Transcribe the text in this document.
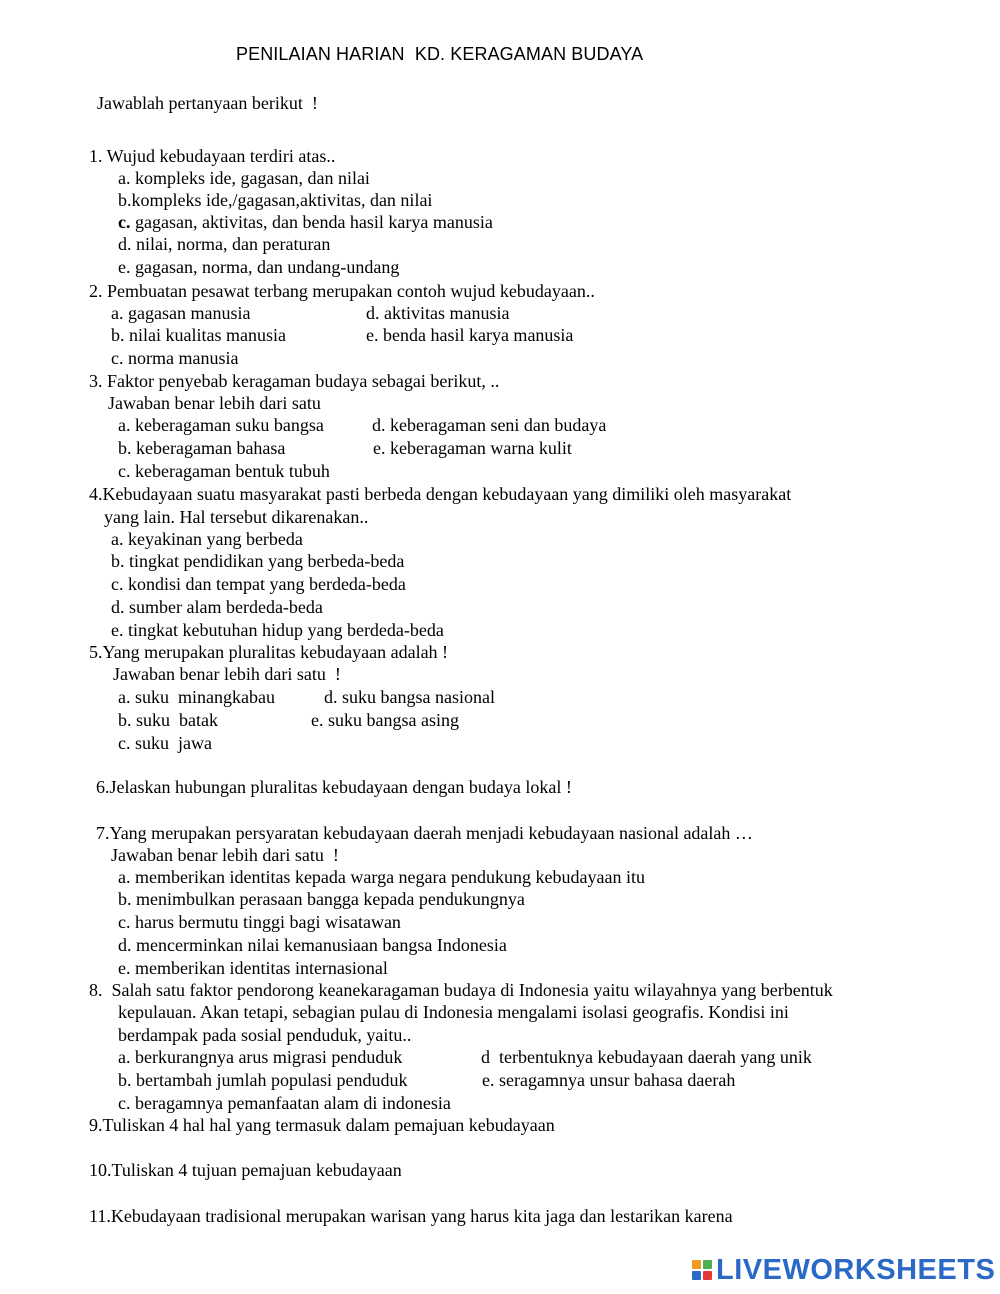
PENILAIAN HARIAN  KD. KERAGAMAN BUDAYA
Jawablah pertanyaan berikut  !
1. Wujud kebudayaan terdiri atas..
a. kompleks ide, gagasan, dan nilai
b.kompleks ide,/gagasan,aktivitas, dan nilai
c. gagasan, aktivitas, dan benda hasil karya manusia
d. nilai, norma, dan peraturan
e. gagasan, norma, dan undang-undang
2. Pembuatan pesawat terbang merupakan contoh wujud kebudayaan..
a. gagasan manusia	d. aktivitas manusia
b. nilai kualitas manusia	e. benda hasil karya manusia
c. norma manusia
3. Faktor penyebab keragaman budaya sebagai berikut, ..
Jawaban benar lebih dari satu
a. keberagaman suku bangsa	d. keberagaman seni dan budaya
b. keberagaman bahasa	e. keberagaman warna kulit
c. keberagaman bentuk tubuh
4.Kebudayaan suatu masyarakat pasti berbeda dengan kebudayaan yang dimiliki oleh masyarakat
yang lain. Hal tersebut dikarenakan..
a. keyakinan yang berbeda
b. tingkat pendidikan yang berbeda-beda
c. kondisi dan tempat yang berdeda-beda
d. sumber alam berdeda-beda
e. tingkat kebutuhan hidup yang berdeda-beda
5.Yang merupakan pluralitas kebudayaan adalah !
Jawaban benar lebih dari satu  !
a. suku  minangkabau	d. suku bangsa nasional
b. suku  batak	e. suku bangsa asing
c. suku  jawa
6.Jelaskan hubungan pluralitas kebudayaan dengan budaya lokal !
7.Yang merupakan persyaratan kebudayaan daerah menjadi kebudayaan nasional adalah …
Jawaban benar lebih dari satu  !
a. memberikan identitas kepada warga negara pendukung kebudayaan itu
b. menimbulkan perasaan bangga kepada pendukungnya
c. harus bermutu tinggi bagi wisatawan
d. mencerminkan nilai kemanusiaan bangsa Indonesia
e. memberikan identitas internasional
8.  Salah satu faktor pendorong keanekaragaman budaya di Indonesia yaitu wilayahnya yang berbentuk
kepulauan. Akan tetapi, sebagian pulau di Indonesia mengalami isolasi geografis. Kondisi ini
berdampak pada sosial penduduk, yaitu..
a. berkurangnya arus migrasi penduduk	d  terbentuknya kebudayaan daerah yang unik
b. bertambah jumlah populasi penduduk	e. seragamnya unsur bahasa daerah
c. beragamnya pemanfaatan alam di indonesia
9.Tuliskan 4 hal hal yang termasuk dalam pemajuan kebudayaan
10.Tuliskan 4 tujuan pemajuan kebudayaan
11.Kebudayaan tradisional merupakan warisan yang harus kita jaga dan lestarikan karena
LIVEWORKSHEETS
